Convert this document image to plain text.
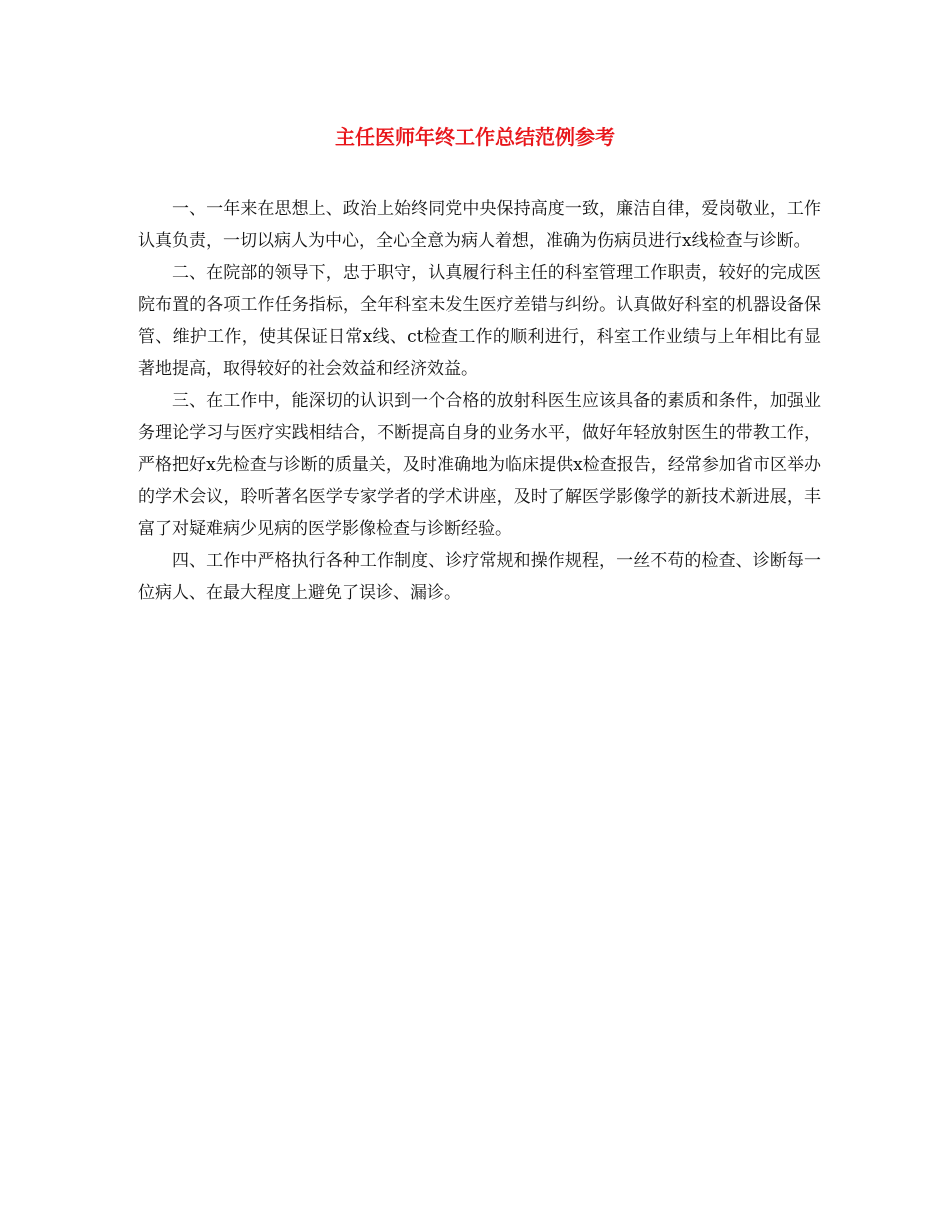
主任医师年终工作总结范例参考

一、一年来在思想上、政治上始终同党中央保持高度一致，廉洁自律，爱岗敬业，工作认真负责，一切以病人为中心，全心全意为病人着想，准确为伤病员进行x线检查与诊断。

二、在院部的领导下，忠于职守，认真履行科主任的科室管理工作职责，较好的完成医院布置的各项工作任务指标，全年科室未发生医疗差错与纠纷。认真做好科室的机器设备保管、维护工作，使其保证日常x线、ct检查工作的顺利进行，科室工作业绩与上年相比有显著地提高，取得较好的社会效益和经济效益。

三、在工作中，能深切的认识到一个合格的放射科医生应该具备的素质和条件，加强业务理论学习与医疗实践相结合，不断提高自身的业务水平，做好年轻放射医生的带教工作，严格把好x先检查与诊断的质量关，及时准确地为临床提供x检查报告，经常参加省市区举办的学术会议，聆听著名医学专家学者的学术讲座，及时了解医学影像学的新技术新进展，丰富了对疑难病少见病的医学影像检查与诊断经验。

四、工作中严格执行各种工作制度、诊疗常规和操作规程，一丝不苟的检查、诊断每一位病人、在最大程度上避免了误诊、漏诊。
